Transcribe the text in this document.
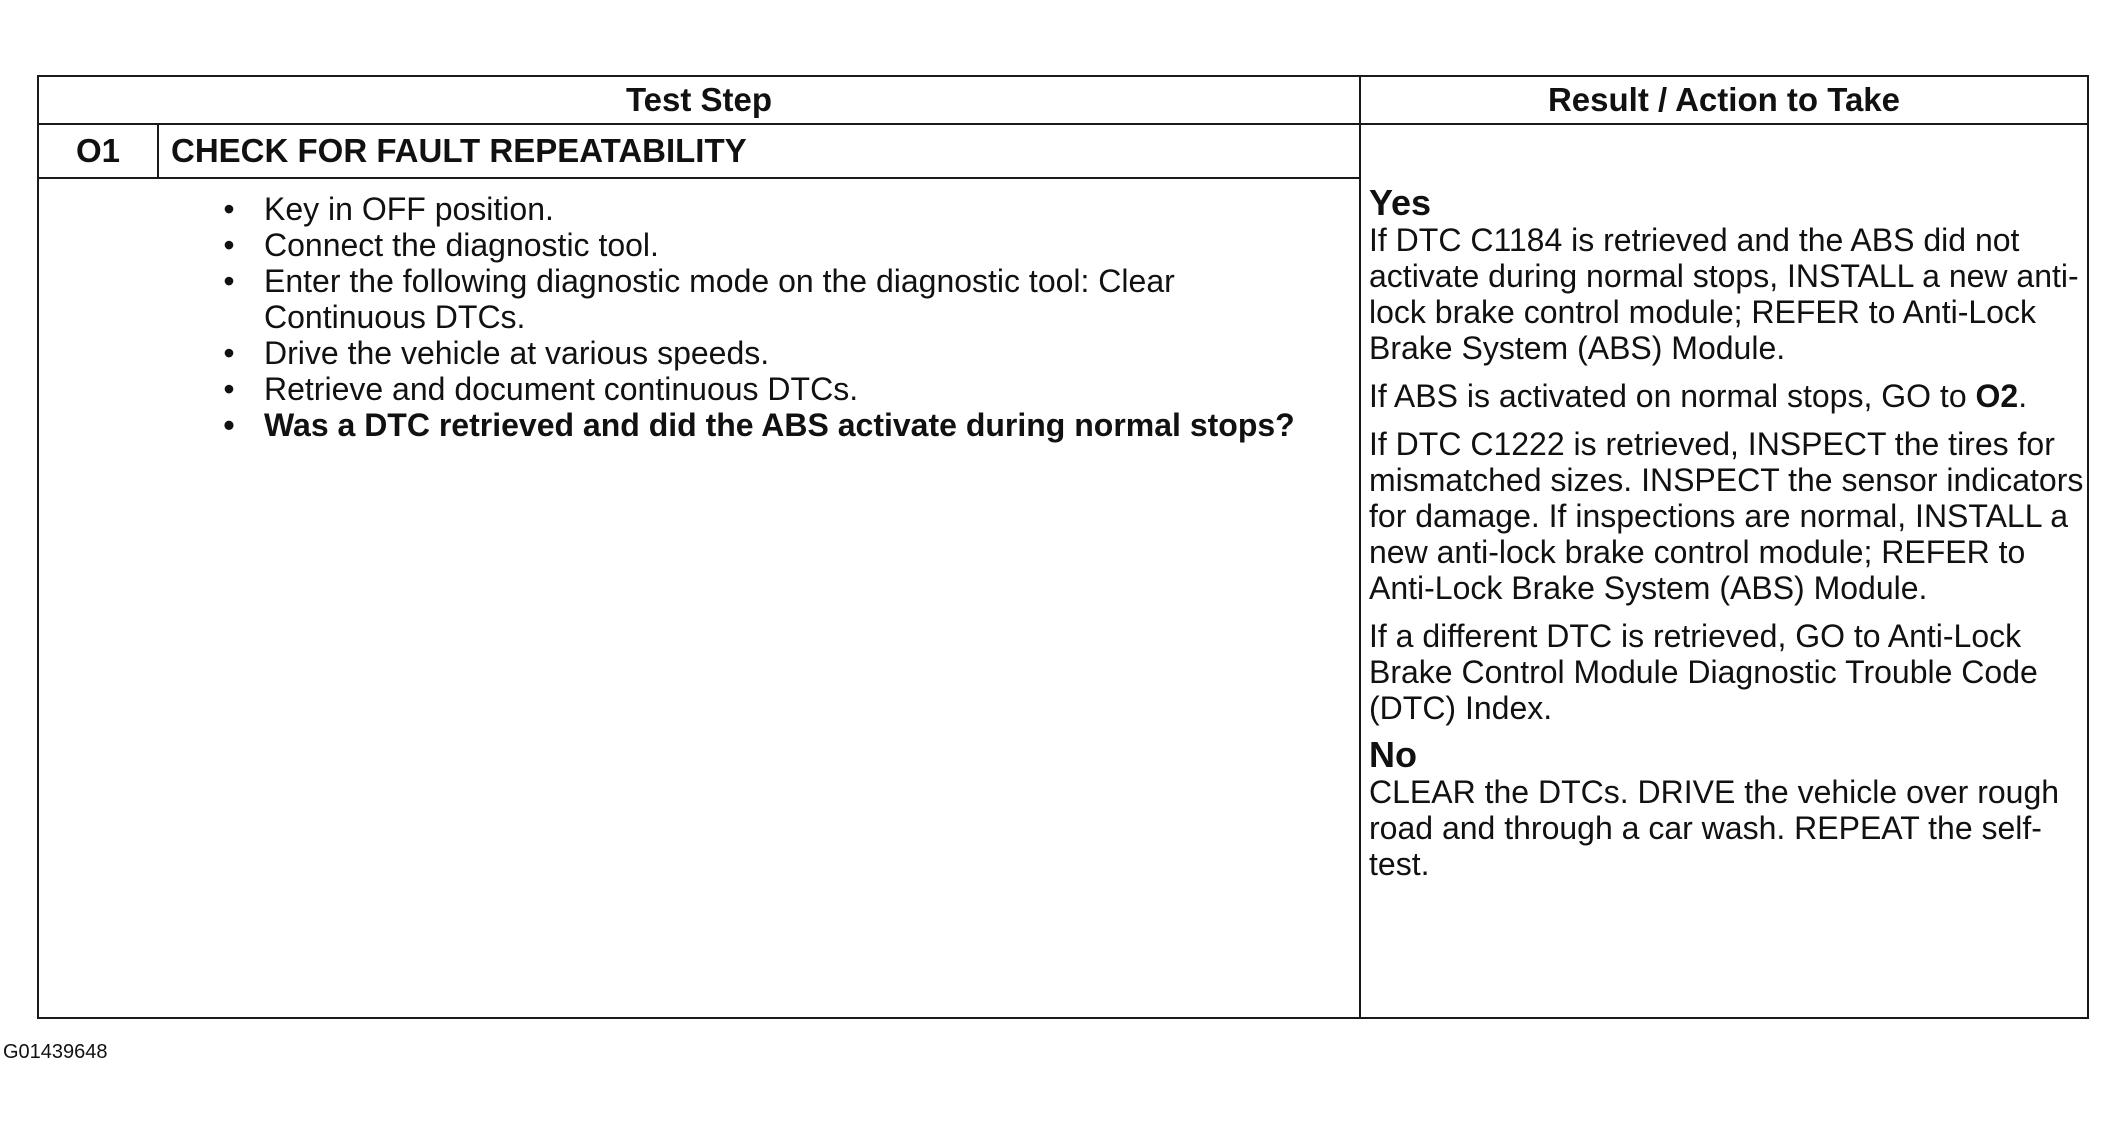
Test Step	Result / Action to Take
O1	CHECK FOR FAULT REPEATABILITY
• Key in OFF position.
• Connect the diagnostic tool.
• Enter the following diagnostic mode on the diagnostic tool: Clear Continuous DTCs.
• Drive the vehicle at various speeds.
• Retrieve and document continuous DTCs.
• Was a DTC retrieved and did the ABS activate during normal stops?
Yes

If DTC C1184 is retrieved and the ABS did not activate during normal stops, INSTALL a new anti-lock brake control module; REFER to Anti-Lock Brake System (ABS) Module.

If ABS is activated on normal stops, GO to O2.

If DTC C1222 is retrieved, INSPECT the tires for mismatched sizes. INSPECT the sensor indicators for damage. If inspections are normal, INSTALL a new anti-lock brake control module; REFER to Anti-Lock Brake System (ABS) Module.

If a different DTC is retrieved, GO to Anti-Lock Brake Control Module Diagnostic Trouble Code (DTC) Index.

No

CLEAR the DTCs. DRIVE the vehicle over rough road and through a car wash. REPEAT the self-test.

G01439648
